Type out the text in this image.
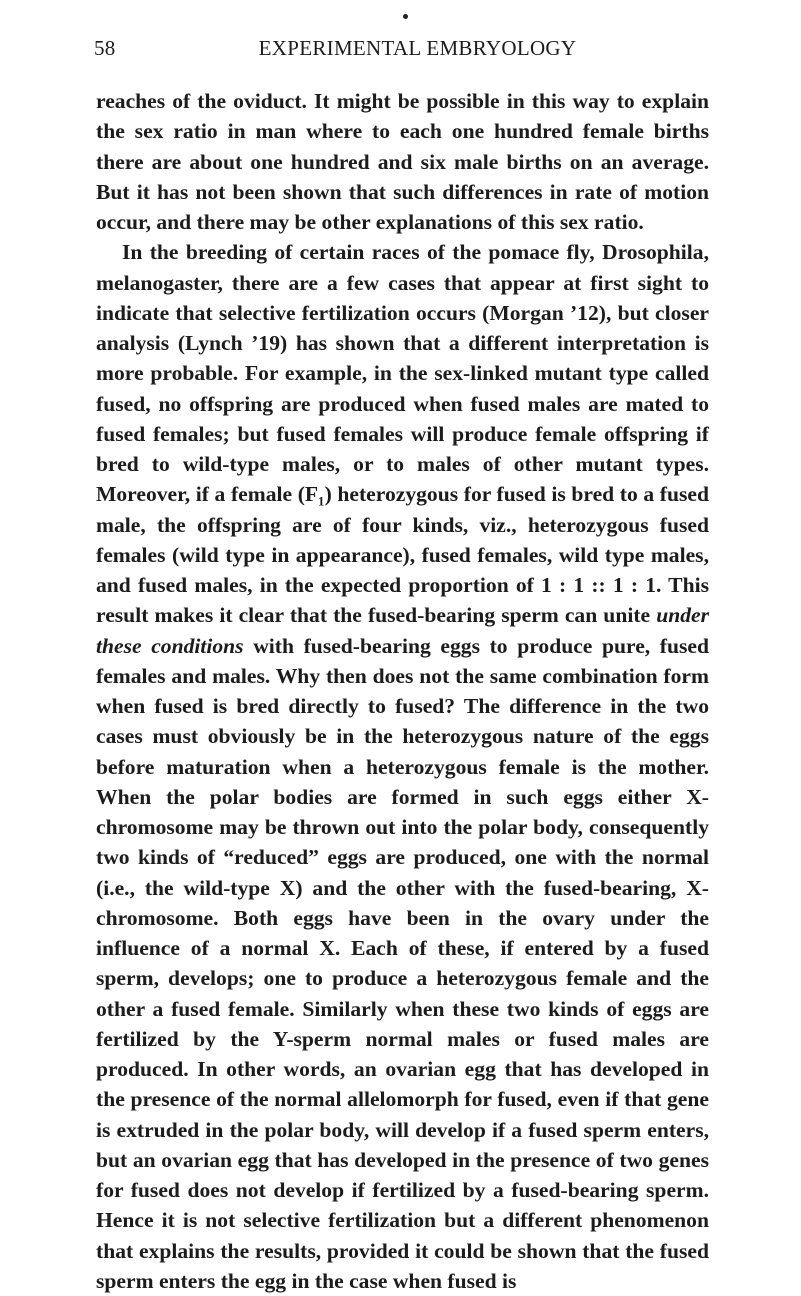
58	EXPERIMENTAL EMBRYOLOGY

reaches of the oviduct. It might be possible in this way to explain the sex ratio in man where to each one hundred female births there are about one hundred and six male births on an average. But it has not been shown that such differences in rate of motion occur, and there may be other explanations of this sex ratio.

In the breeding of certain races of the pomace fly, Drosophila, melanogaster, there are a few cases that appear at first sight to indicate that selective fertilization occurs (Morgan ’12), but closer analysis (Lynch ’19) has shown that a different interpretation is more probable. For example, in the sex-linked mutant type called fused, no offspring are produced when fused males are mated to fused females; but fused females will produce female offspring if bred to wild-type males, or to males of other mutant types. Moreover, if a female (F₁) heterozygous for fused is bred to a fused male, the offspring are of four kinds, viz., heterozygous fused females (wild type in appearance), fused females, wild type males, and fused males, in the expected proportion of 1 : 1 :: 1 : 1. This result makes it clear that the fused-bearing sperm can unite under these conditions with fused-bearing eggs to produce pure, fused females and males. Why then does not the same combination form when fused is bred directly to fused? The difference in the two cases must obviously be in the heterozygous nature of the eggs before maturation when a heterozygous female is the mother. When the polar bodies are formed in such eggs either X-chromosome may be thrown out into the polar body, consequently two kinds of “reduced” eggs are produced, one with the normal (i.e., the wild-type X) and the other with the fused-bearing, X-chromosome. Both eggs have been in the ovary under the influence of a normal X. Each of these, if entered by a fused sperm, develops; one to produce a heterozygous female and the other a fused female. Similarly when these two kinds of eggs are fertilized by the Y-sperm normal males or fused males are produced. In other words, an ovarian egg that has developed in the presence of the normal allelomorph for fused, even if that gene is extruded in the polar body, will develop if a fused sperm enters, but an ovarian egg that has developed in the presence of two genes for fused does not develop if fertilized by a fused-bearing sperm. Hence it is not selective fertilization but a different phenomenon that explains the results, provided it could be shown that the fused sperm enters the egg in the case when fused is
